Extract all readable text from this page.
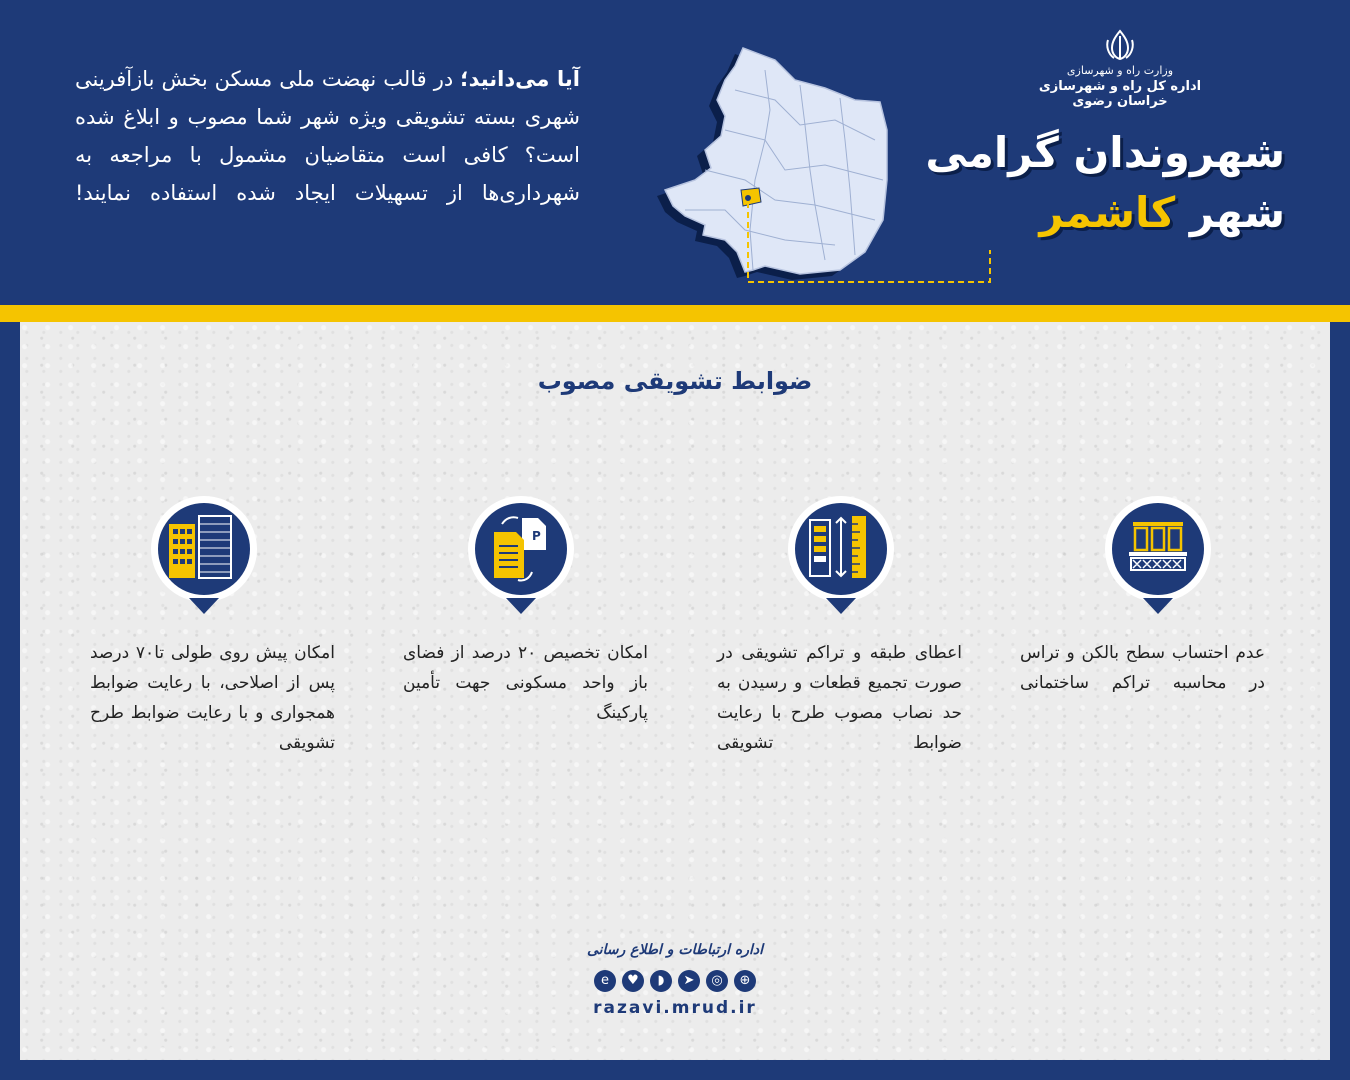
آیا می‌دانید؛ در قالب نهضت ملی مسکن بخش بازآفرینی شهری بسته تشویقی ویژه شهر شما مصوب و ابلاغ شده است؟ کافی است متقاضیان مشمول با مراجعه به شهرداری‌ها از تسهیلات ایجاد شده استفاده نمایند!

وزارت راه و شهرسازی
اداره کل راه و شهرسازی خراسان رضوی
شهروندان گرامی
شهر کاشمر
ضوابط تشویقی مصوب
عدم احتساب سطح بالکن و تراس در محاسبه تراکم ساختمانی
اعطای طبقه و تراکم تشویقی در صورت تجمیع قطعات و رسیدن به حد نصاب مصوب طرح با رعایت ضوابط تشویقی
P
امکان تخصیص ۲۰ درصد از فضای باز واحد مسکونی جهت تأمین پارکینگ
امکان پیش روی طولی تا۷۰ درصد پس از اصلاحی، با رعایت ضوابط همجواری و با رعایت ضوابط طرح تشویقی
اداره ارتباطات و اطلاع رسانی
e	♥	◗	➤	◎	⊕
razavi.mrud.ir
